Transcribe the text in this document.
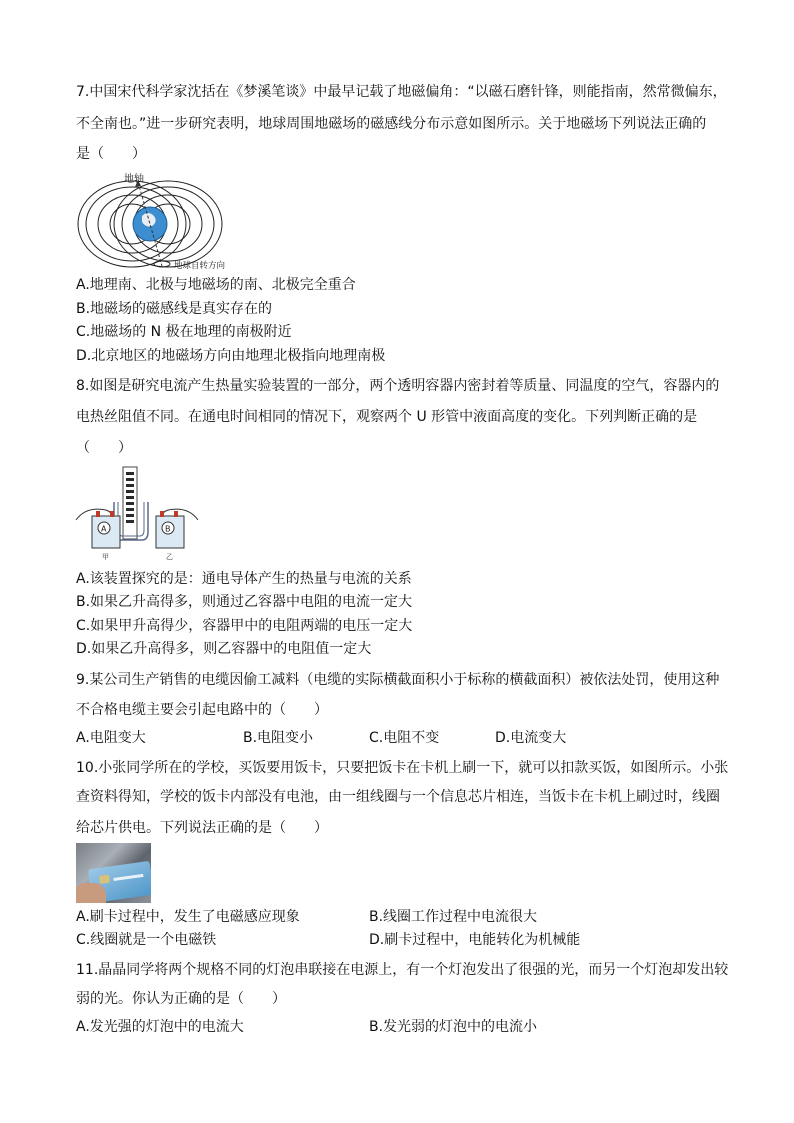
7.中国宋代科学家沈括在《梦溪笔谈》中最早记载了地磁偏角：“以磁石磨针锋，则能指南，然常微偏东，
不全南也。”进一步研究表明，地球周围地磁场的磁感线分布示意如图所示。关于地磁场下列说法正确的
是（　　）
地轴
地球自转方向
A.地理南、北极与地磁场的南、北极完全重合
B.地磁场的磁感线是真实存在的
C.地磁场的 N 极在地理的南极附近
D.北京地区的地磁场方向由地理北极指向地理南极
8.如图是研究电流产生热量实验装置的一部分，两个透明容器内密封着等质量、同温度的空气，容器内的
电热丝阻值不同。在通电时间相同的情况下，观察两个 U 形管中液面高度的变化。下列判断正确的是
（　　）
A	B
甲	乙
A.该装置探究的是：通电导体产生的热量与电流的关系
B.如果乙升高得多，则通过乙容器中电阻的电流一定大
C.如果甲升高得少，容器甲中的电阻两端的电压一定大
D.如果乙升高得多，则乙容器中的电阻值一定大
9.某公司生产销售的电缆因偷工减料（电缆的实际横截面积小于标称的横截面积）被依法处罚，使用这种
不合格电缆主要会引起电路中的（　　）
A.电阻变大	B.电阻变小	C.电阻不变	D.电流变大
10.小张同学所在的学校，买饭要用饭卡，只要把饭卡在卡机上刷一下，就可以扣款买饭，如图所示。小张
查资料得知，学校的饭卡内部没有电池，由一组线圈与一个信息芯片相连，当饭卡在卡机上刷过时，线圈
给芯片供电。下列说法正确的是（　　）
A.刷卡过程中，发生了电磁感应现象	B.线圈工作过程中电流很大
C.线圈就是一个电磁铁	D.刷卡过程中，电能转化为机械能
11.晶晶同学将两个规格不同的灯泡串联接在电源上，有一个灯泡发出了很强的光，而另一个灯泡却发出较
弱的光。你认为正确的是（　　）
A.发光强的灯泡中的电流大	B.发光弱的灯泡中的电流小
